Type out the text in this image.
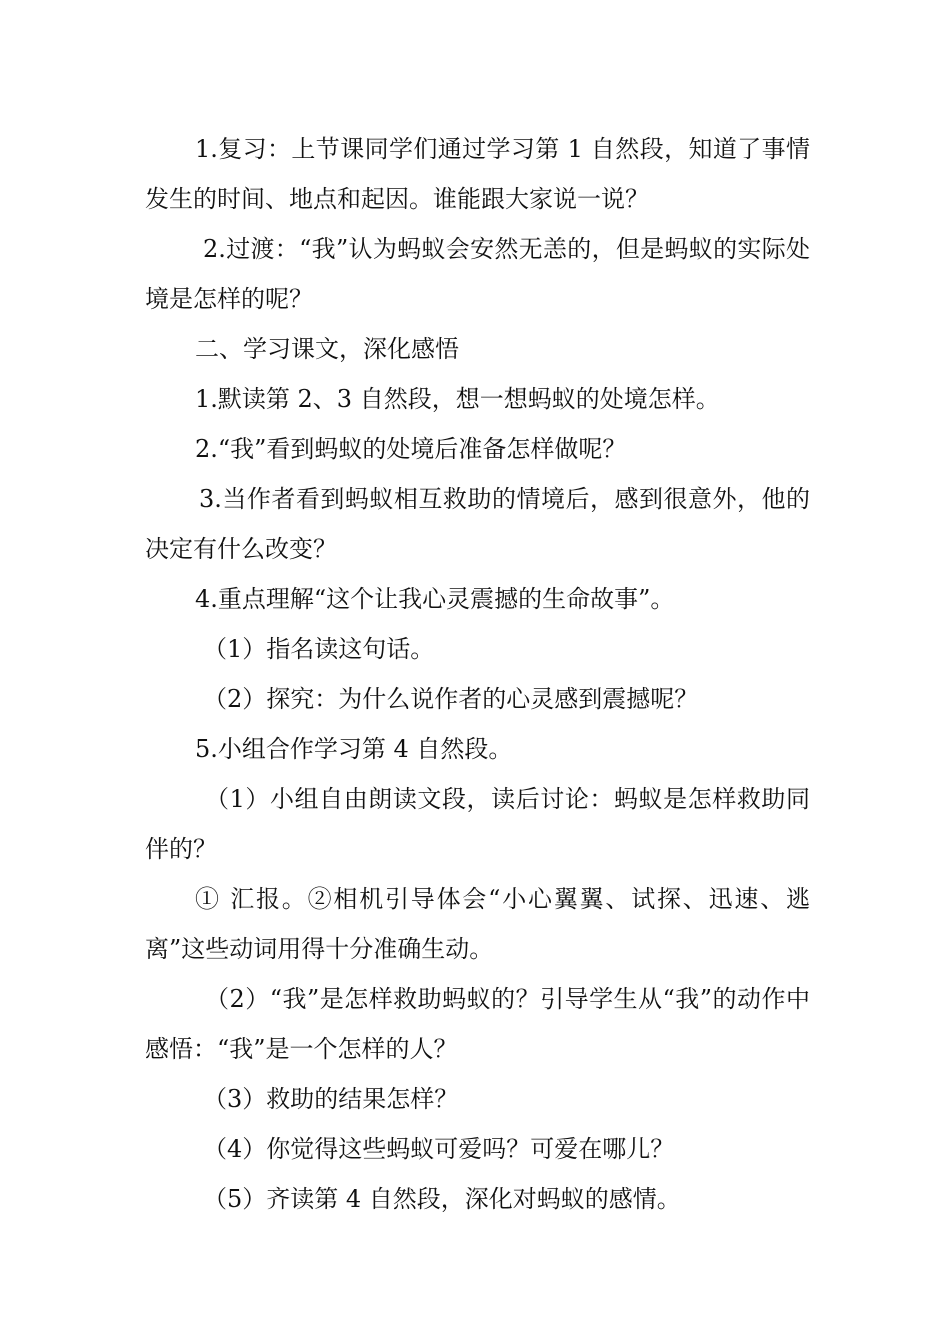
1.复习：上节课同学们通过学习第 1 自然段，知道了事情发生的时间、地点和起因。谁能跟大家说一说？

2.过渡：“我”认为蚂蚁会安然无恙的，但是蚂蚁的实际处境是怎样的呢？

二、学习课文，深化感悟

1.默读第 2、3 自然段，想一想蚂蚁的处境怎样。

2.“我”看到蚂蚁的处境后准备怎样做呢？

3.当作者看到蚂蚁相互救助的情境后，感到很意外，他的决定有什么改变？

4.重点理解“这个让我心灵震撼的生命故事”。

（1）指名读这句话。

（2）探究：为什么说作者的心灵感到震撼呢？

5.小组合作学习第 4 自然段。

（1）小组自由朗读文段，读后讨论：蚂蚁是怎样救助同伴的？

① 汇报。②相机引导体会“小心翼翼、试探、迅速、逃离”这些动词用得十分准确生动。

（2）“我”是怎样救助蚂蚁的？引导学生从“我”的动作中感悟：“我”是一个怎样的人？

（3）救助的结果怎样？

（4）你觉得这些蚂蚁可爱吗？可爱在哪儿？

（5）齐读第 4 自然段，深化对蚂蚁的感情。
